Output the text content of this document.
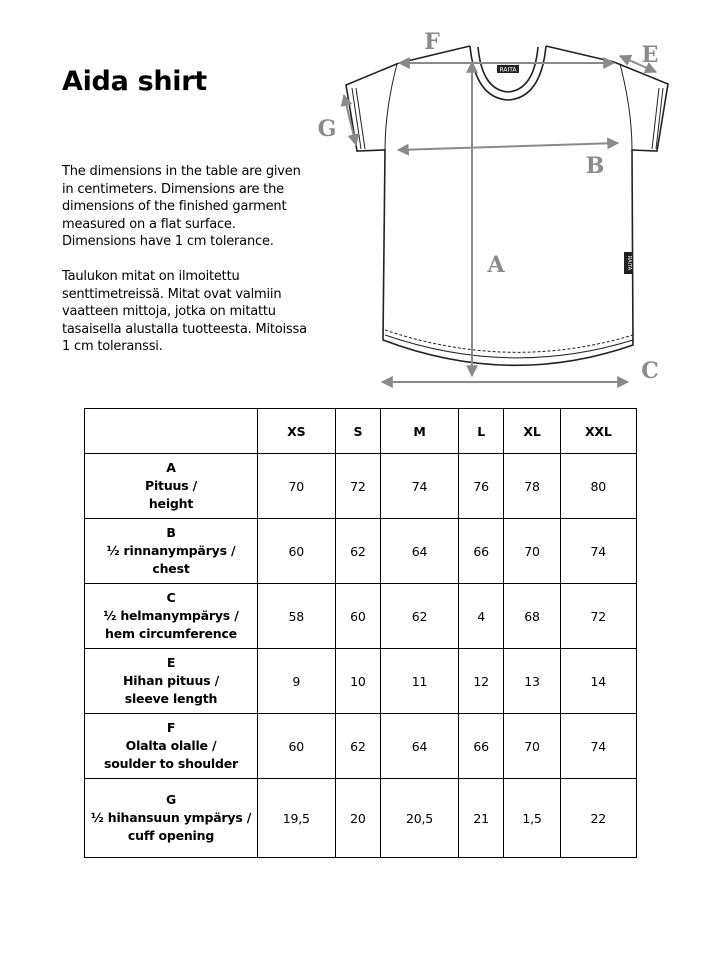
Aida shirt

The dimensions in the table are given in centimeters. Dimensions are the dimensions of the finished garment measured on a flat surface. Dimensions have 1 cm tolerance.

Taulukon mitat on ilmoitettu senttimetreissä. Mitat ovat valmiin vaatteen mittoja, jotka on mitattu tasaisella alustalla tuotteesta. Mitoissa 1 cm toleranssi.

RAITA
RAITA
A
B
C
E
F
G
	XS	S	M	L	XL	XXL

A
Pituus /
height	70	72	74	76	78	80

B
½ rinnanympärys /
chest	60	62	64	66	70	74

C
½ helmanympärys /
hem circumference	58	60	62	4	68	72

E
Hihan pituus /
sleeve length	9	10	11	12	13	14

F
Olalta olalle /
soulder to shoulder	60	62	64	66	70	74

G
½ hihansuun ympärys /
cuff opening	19,5	20	20,5	21	1,5	22
